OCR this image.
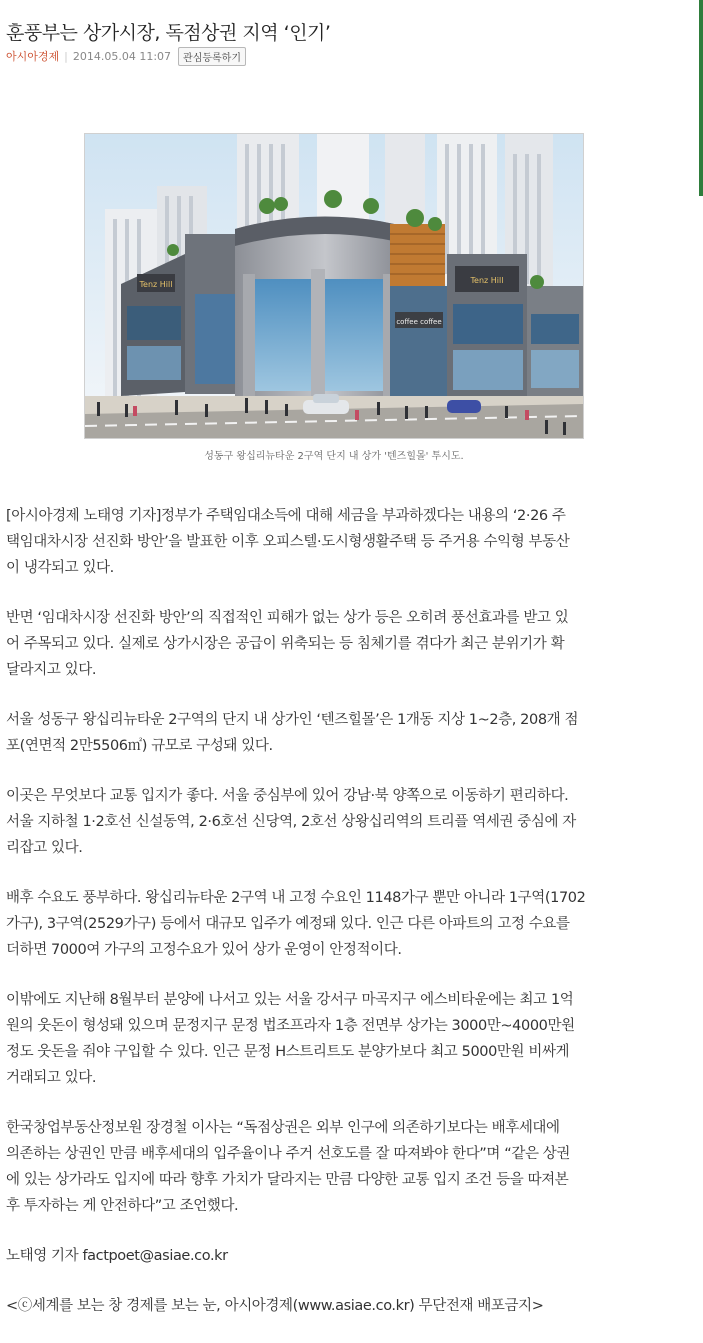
훈풍부는 상가시장, 독점상권 지역 ‘인기’
아시아경제 | 2014.05.04 11:07	관심등록하기
Tenz Hill
coffee coffee
Tenz Hill
성동구 왕십리뉴타운 2구역 단지 내 상가 '텐즈힐몰' 투시도.

[아시아경제 노태영 기자]정부가 주택임대소득에 대해 세금을 부과하겠다는 내용의 ‘2·26 주
택임대차시장 선진화 방안’을 발표한 이후 오피스텔·도시형생활주택 등 주거용 수익형 부동산
이 냉각되고 있다.

반면 ‘임대차시장 선진화 방안’의 직접적인 피해가 없는 상가 등은 오히려 풍선효과를 받고 있
어 주목되고 있다. 실제로 상가시장은 공급이 위축되는 등 침체기를 겪다가 최근 분위기가 확
달라지고 있다.

서울 성동구 왕십리뉴타운 2구역의 단지 내 상가인 ‘텐즈힐몰’은 1개동 지상 1~2층, 208개 점
포(연면적 2만5506㎡) 규모로 구성돼 있다.

이곳은 무엇보다 교통 입지가 좋다. 서울 중심부에 있어 강남·북 양쪽으로 이동하기 편리하다.
서울 지하철 1·2호선 신설동역, 2·6호선 신당역, 2호선 상왕십리역의 트리플 역세권 중심에 자
리잡고 있다.

배후 수요도 풍부하다. 왕십리뉴타운 2구역 내 고정 수요인 1148가구 뿐만 아니라 1구역(1702
가구), 3구역(2529가구) 등에서 대규모 입주가 예정돼 있다. 인근 다른 아파트의 고정 수요를
더하면 7000여 가구의 고정수요가 있어 상가 운영이 안정적이다.

이밖에도 지난해 8월부터 분양에 나서고 있는 서울 강서구 마곡지구 에스비타운에는 최고 1억
원의 웃돈이 형성돼 있으며 문정지구 문정 법조프라자 1층 전면부 상가는 3000만~4000만원
정도 웃돈을 줘야 구입할 수 있다. 인근 문정 H스트리트도 분양가보다 최고 5000만원 비싸게
거래되고 있다.

한국창업부동산정보원 장경철 이사는 “독점상권은 외부 인구에 의존하기보다는 배후세대에
의존하는 상권인 만큼 배후세대의 입주율이나 주거 선호도를 잘 따져봐야 한다”며 “같은 상권
에 있는 상가라도 입지에 따라 향후 가치가 달라지는 만큼 다양한 교통 입지 조건 등을 따져본
후 투자하는 게 안전하다”고 조언했다.

노태영 기자 factpoet@asiae.co.kr

<ⓒ세계를 보는 창 경제를 보는 눈, 아시아경제(www.asiae.co.kr) 무단전재 배포금지>
